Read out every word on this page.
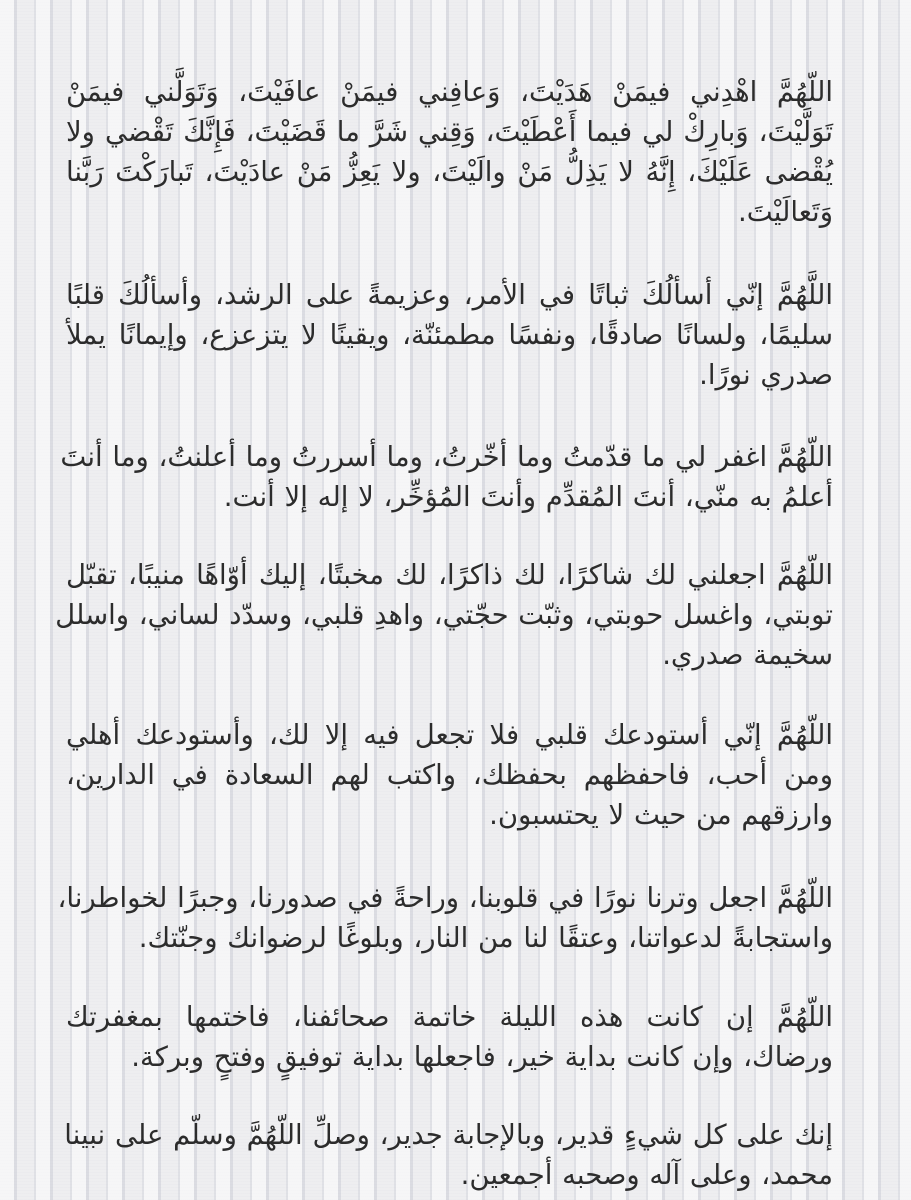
اللّهُمَّ اهْدِني فيمَنْ هَدَيْتَ، وَعافِني فيمَنْ عافَيْتَ، وَتَوَلَّني فيمَنْ
تَوَلَّيْتَ، وَبارِكْ لي فيما أَعْطَيْتَ، وَقِني شَرَّ ما قَضَيْتَ، فَإِنَّكَ تَقْضي ولا
يُقْضى عَلَيْكَ، إِنَّهُ لا يَذِلُّ مَنْ والَيْتَ، ولا يَعِزُّ مَنْ عادَيْتَ، تَبارَكْتَ رَبَّنا
وَتَعالَيْتَ.

اللَّهُمَّ إنّي أسألُكَ ثباتًا في الأمر، وعزيمةً على الرشد، وأسألُكَ قلبًا
سليمًا، ولسانًا صادقًا، ونفسًا مطمئنّة، ويقينًا لا يتزعزع، وإيمانًا يملأ
صدري نورًا.

اللّهُمَّ اغفر لي ما قدّمتُ وما أخّرتُ، وما أسررتُ وما أعلنتُ، وما أنتَ
أعلمُ به منّي، أنتَ المُقدِّم وأنتَ المُؤخِّر، لا إله إلا أنت.

اللّهُمَّ اجعلني لك شاكرًا، لك ذاكرًا، لك مخبتًا، إليك أوّاهًا منيبًا، تقبّل
توبتي، واغسل حوبتي، وثبّت حجّتي، واهدِ قلبي، وسدّد لساني، واسلل
سخيمة صدري.

اللّهُمَّ إنّي أستودعك قلبي فلا تجعل فيه إلا لك، وأستودعك أهلي
ومن أحب، فاحفظهم بحفظك، واكتب لهم السعادة في الدارين،
وارزقهم من حيث لا يحتسبون.

اللّهُمَّ اجعل وترنا نورًا في قلوبنا، وراحةً في صدورنا، وجبرًا لخواطرنا،
واستجابةً لدعواتنا، وعتقًا لنا من النار، وبلوغًا لرضوانك وجنّتك.

اللّهُمَّ إن كانت هذه الليلة خاتمة صحائفنا، فاختمها بمغفرتك
ورضاك، وإن كانت بداية خير، فاجعلها بداية توفيقٍ وفتحٍ وبركة.

إنك على كل شيءٍ قدير، وبالإجابة جدير، وصلِّ اللّهُمَّ وسلّم على نبينا
محمد، وعلى آله وصحبه أجمعين.
